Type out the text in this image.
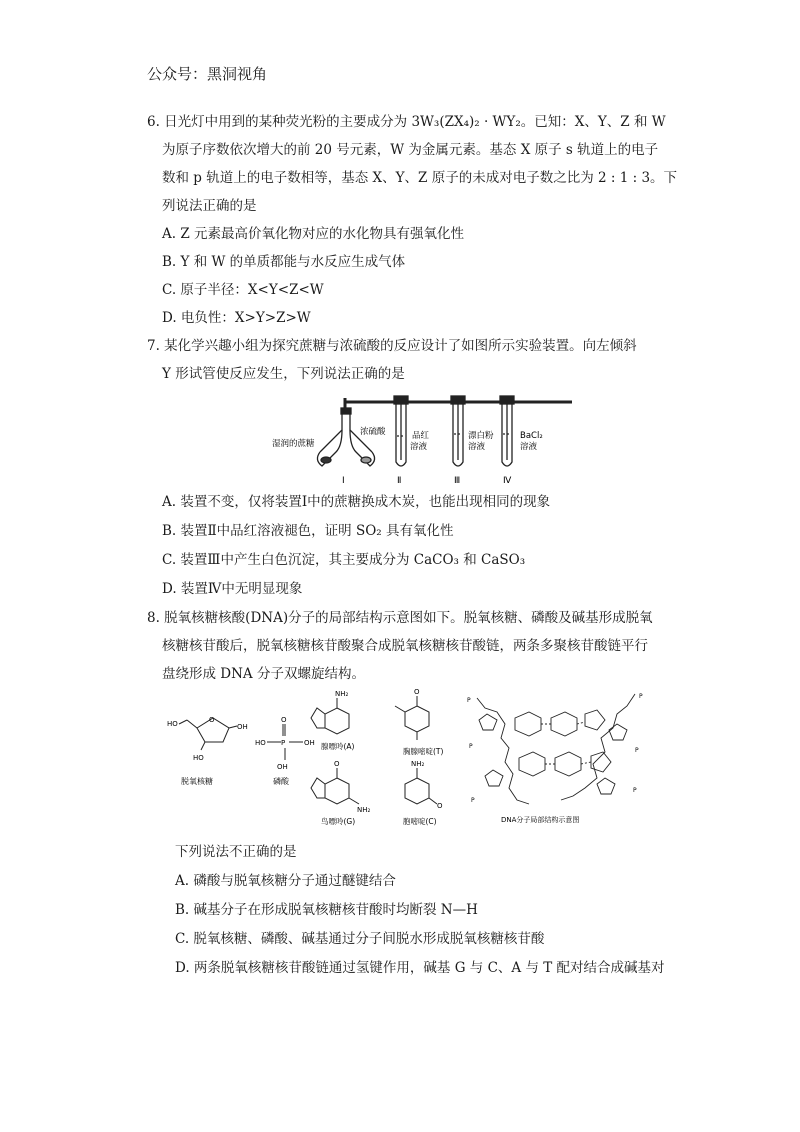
公众号：黑洞视角
6. 日光灯中用到的某种荧光粉的主要成分为 3W₃(ZX₄)₂ · WY₂。已知：X、Y、Z 和 W
为原子序数依次增大的前 20 号元素，W 为金属元素。基态 X 原子 s 轨道上的电子
数和 p 轨道上的电子数相等，基态 X、Y、Z 原子的未成对电子数之比为 2 : 1 : 3。下
列说法正确的是
A. Z 元素最高价氧化物对应的水化物具有强氧化性
B. Y 和 W 的单质都能与水反应生成气体
C. 原子半径：X<Y<Z<W
D. 电负性：X>Y>Z>W
7. 某化学兴趣小组为探究蔗糖与浓硫酸的反应设计了如图所示实验装置。向左倾斜
Y 形试管使反应发生，下列说法正确的是
湿润的蔗糖
浓硫酸	品红
溶液
漂白粉
溶液
BaCl₂
溶液
Ⅰ	Ⅱ	Ⅲ	Ⅳ
A. 装置不变，仅将装置Ⅰ中的蔗糖换成木炭，也能出现相同的现象
B. 装置Ⅱ中品红溶液褪色，证明 SO₂ 具有氧化性
C. 装置Ⅲ中产生白色沉淀，其主要成分为 CaCO₃ 和 CaSO₃
D. 装置Ⅳ中无明显现象
8. 脱氧核糖核酸(DNA)分子的局部结构示意图如下。脱氧核糖、磷酸及碱基形成脱氧
核糖核苷酸后，脱氧核糖核苷酸聚合成脱氧核糖核苷酸链，两条多聚核苷酸链平行
盘绕形成 DNA 分子双螺旋结构。
HO	OH
HO
O
脱氧核糖
HO P	OH
O
OH
磷酸
NH₂
腺嘌呤(A)
O
胸腺嘧啶(T)
O
NH₂
鸟嘌呤(G)
NH₂
O
胞嘧啶(C)
P
P
P
P
P
P
DNA分子局部结构示意图
下列说法不正确的是
A. 磷酸与脱氧核糖分子通过醚键结合
B. 碱基分子在形成脱氧核糖核苷酸时均断裂 N—H
C. 脱氧核糖、磷酸、碱基通过分子间脱水形成脱氧核糖核苷酸
D. 两条脱氧核糖核苷酸链通过氢键作用，碱基 G 与 C、A 与 T 配对结合成碱基对
